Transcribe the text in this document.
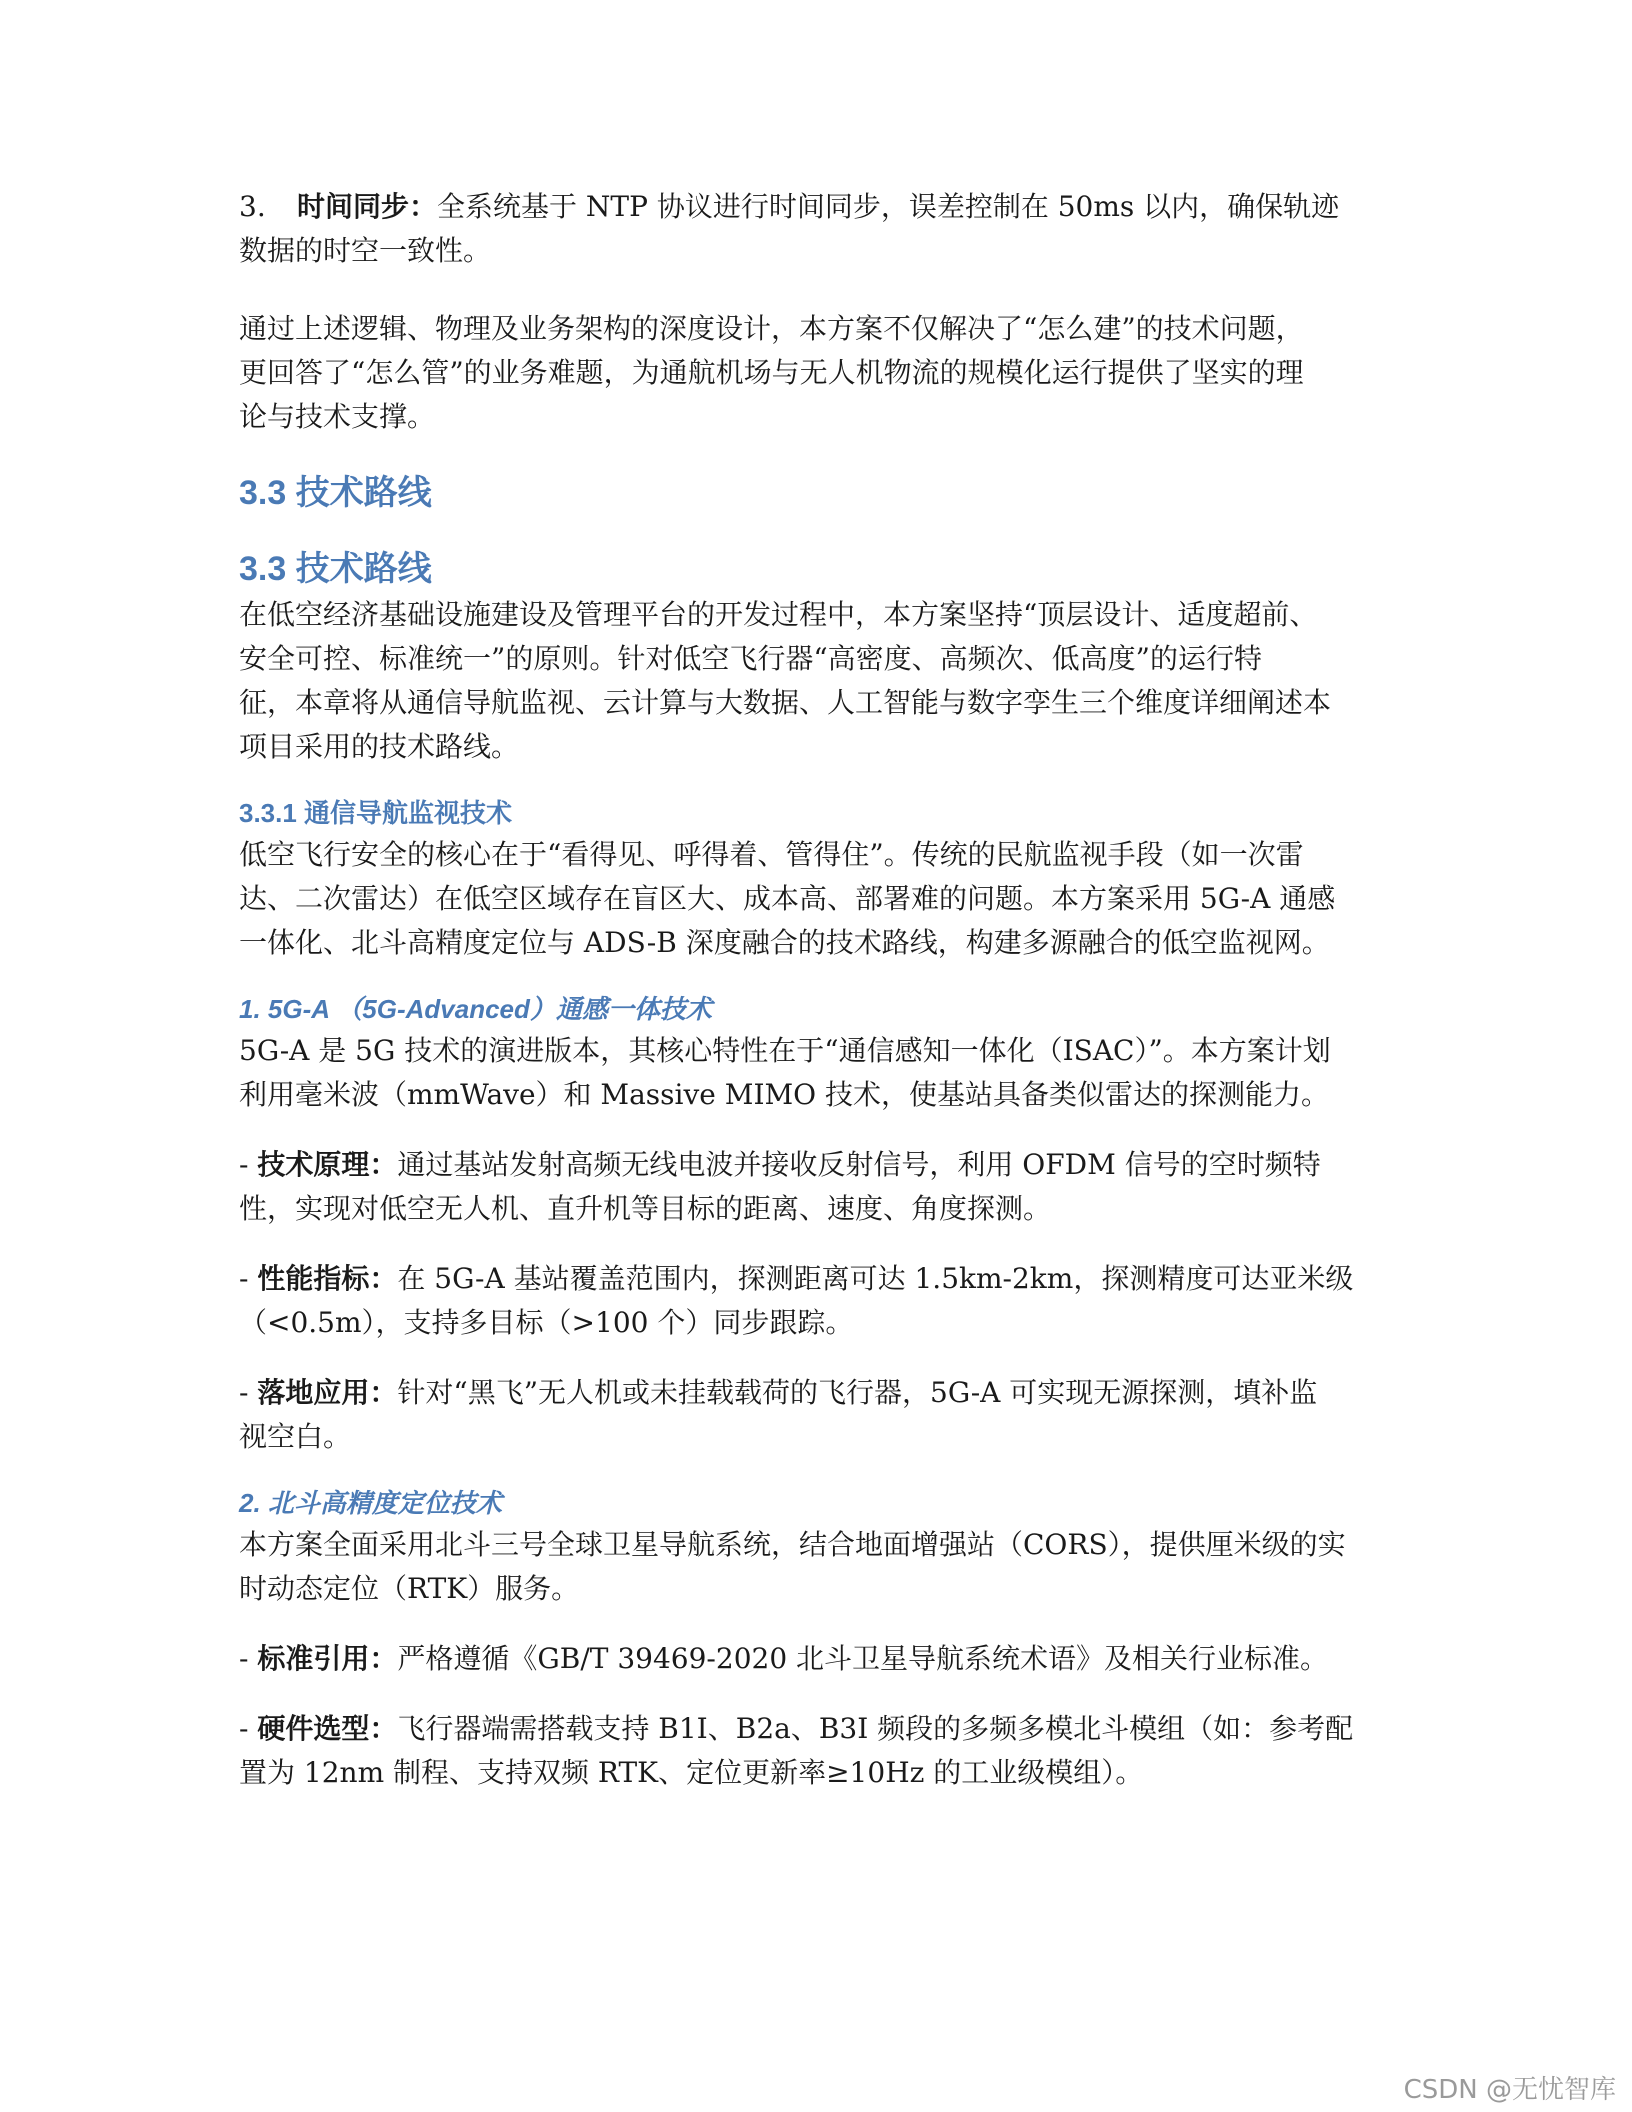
3. 时间同步：全系统基于 NTP 协议进行时间同步，误差控制在 50ms 以内，确保轨迹
数据的时空一致性。

通过上述逻辑、物理及业务架构的深度设计，本方案不仅解决了“怎么建”的技术问题，
更回答了“怎么管”的业务难题，为通航机场与无人机物流的规模化运行提供了坚实的理
论与技术支撑。

3.3 技术路线
3.3 技术路线

在低空经济基础设施建设及管理平台的开发过程中，本方案坚持“顶层设计、适度超前、
安全可控、标准统一”的原则。针对低空飞行器“高密度、高频次、低高度”的运行特
征，本章将从通信导航监视、云计算与大数据、人工智能与数字孪生三个维度详细阐述本
项目采用的技术路线。

3.3.1 通信导航监视技术

低空飞行安全的核心在于“看得见、呼得着、管得住”。传统的民航监视手段（如一次雷
达、二次雷达）在低空区域存在盲区大、成本高、部署难的问题。本方案采用 5G-A 通感
一体化、北斗高精度定位与 ADS-B 深度融合的技术路线，构建多源融合的低空监视网。

1. 5G-A （5G-Advanced）通感一体技术

5G-A 是 5G 技术的演进版本，其核心特性在于“通信感知一体化（ISAC）”。本方案计划
利用毫米波（mmWave）和 Massive MIMO 技术，使基站具备类似雷达的探测能力。

- 技术原理：通过基站发射高频无线电波并接收反射信号，利用 OFDM 信号的空时频特
性，实现对低空无人机、直升机等目标的距离、速度、角度探测。

- 性能指标：在 5G-A 基站覆盖范围内，探测距离可达 1.5km-2km，探测精度可达亚米级
（<0.5m），支持多目标（>100 个）同步跟踪。

- 落地应用：针对“黑飞”无人机或未挂载载荷的飞行器，5G-A 可实现无源探测，填补监
视空白。

2. 北斗高精度定位技术

本方案全面采用北斗三号全球卫星导航系统，结合地面增强站（CORS），提供厘米级的实
时动态定位（RTK）服务。

- 标准引用：严格遵循《GB/T 39469-2020 北斗卫星导航系统术语》及相关行业标准。

- 硬件选型：飞行器端需搭载支持 B1I、B2a、B3I 频段的多频多模北斗模组（如：参考配
置为 12nm 制程、支持双频 RTK、定位更新率≥10Hz 的工业级模组）。

CSDN @无忧智库
